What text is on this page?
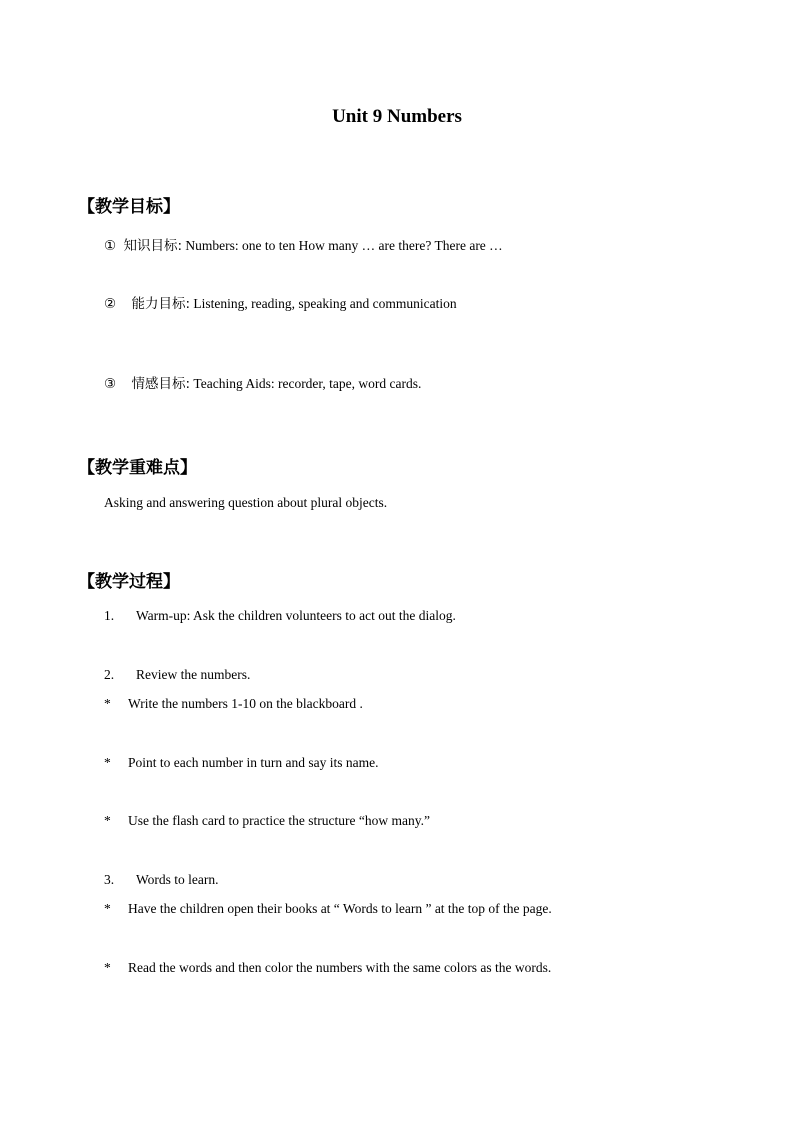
Unit 9 Numbers
【教学目标】
① 知识目标: Numbers: one to ten How many … are there? There are …
② 能力目标: Listening, reading, speaking and communication
③ 情感目标: Teaching Aids: recorder, tape, word cards.
【教学重难点】
Asking and answering question about plural objects.
【教学过程】
1. Warm-up: Ask the children volunteers to act out the dialog.
2. Review the numbers.
* Write the numbers 1-10 on the blackboard .
* Point to each number in turn and say its name.
* Use the flash card to practice the structure “how many.”
3. Words to learn.
* Have the children open their books at “ Words to learn ” at the top of the page.
* Read the words and then color the numbers with the same colors as the words.
